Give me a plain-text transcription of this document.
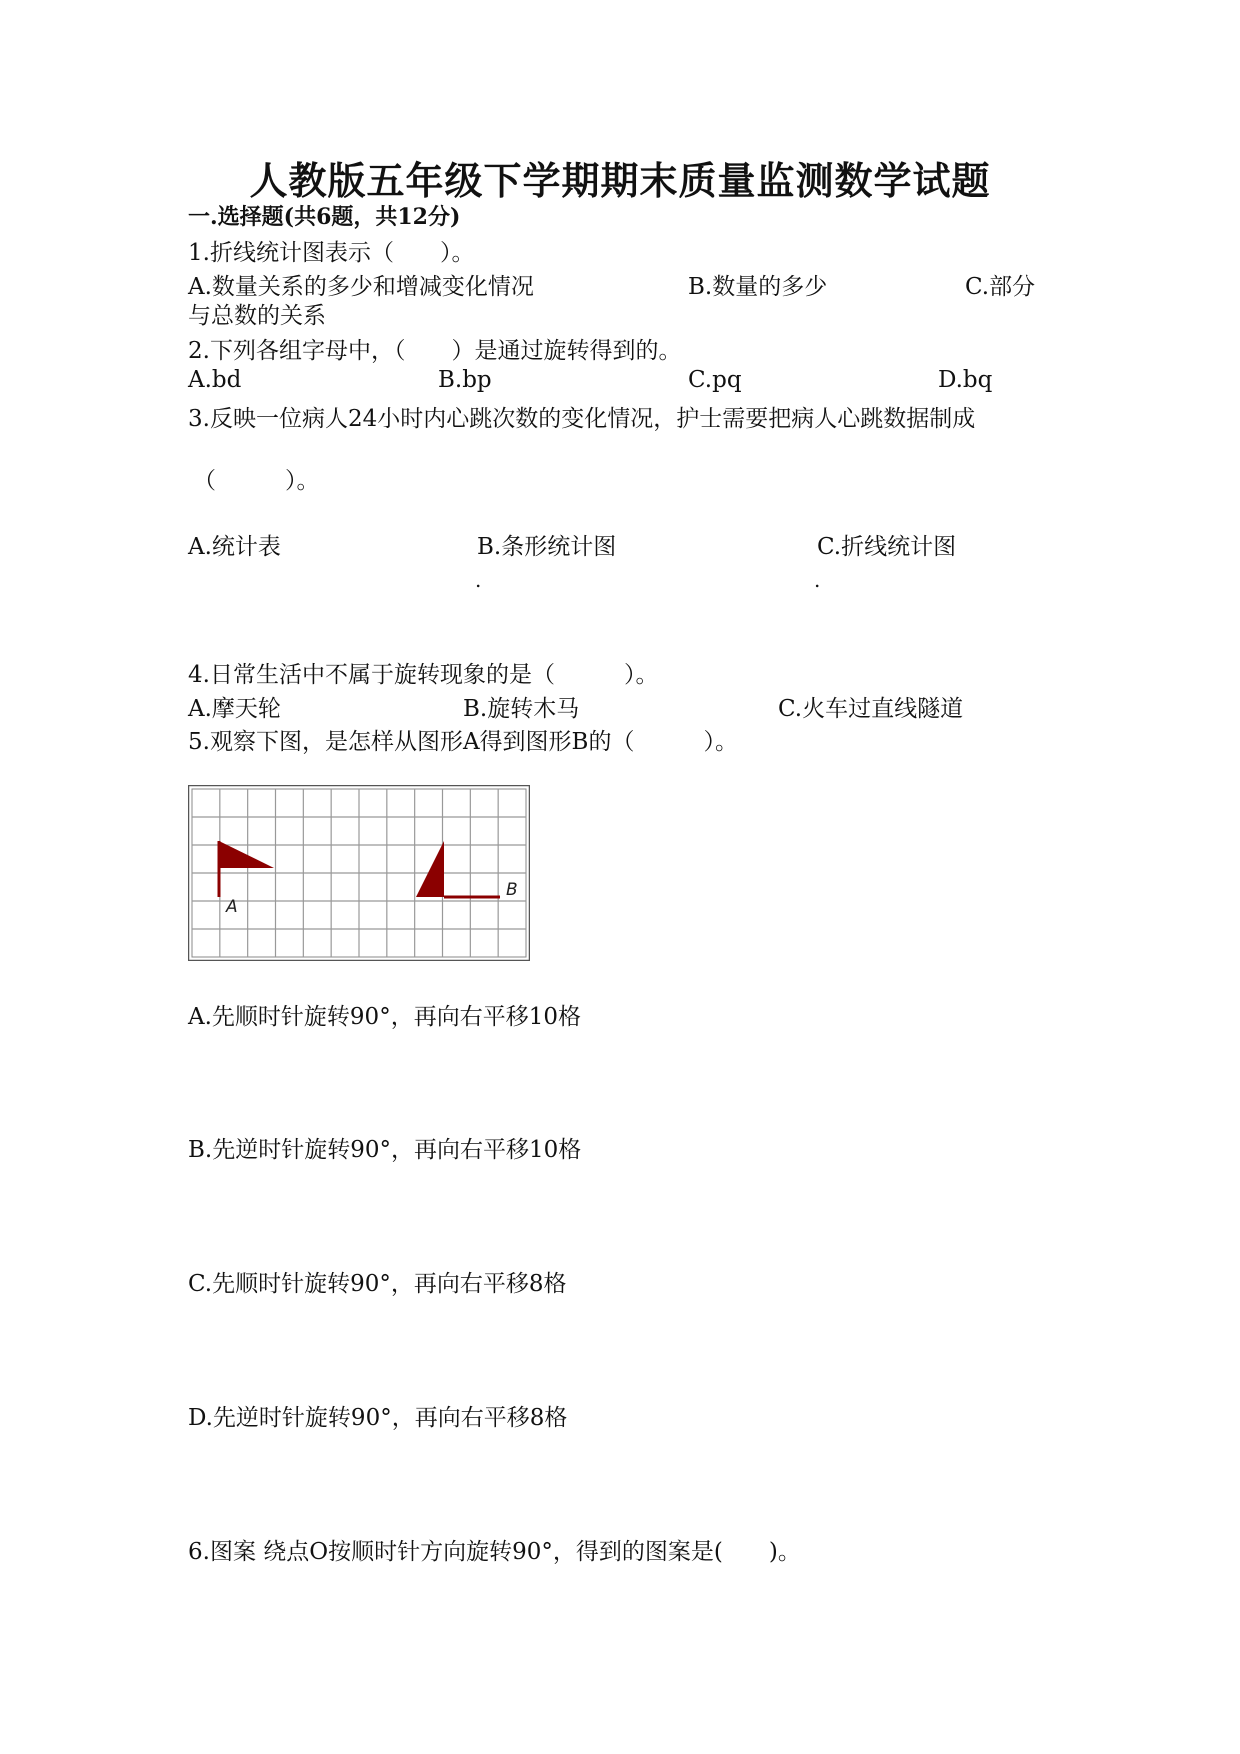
人教版五年级下学期期末质量监测数学试题
一.选择题(共6题，共12分)
1.折线统计图表示（　　）。
A.数量关系的多少和增减变化情况	B.数量的多少	C.部分
与总数的关系
2.下列各组字母中，（　　）是通过旋转得到的。
A.bd	B.bp	C.pq	D.bq
3.反映一位病人24小时内心跳次数的变化情况，护士需要把病人心跳数据制成
（　　　）。
A.统计表	B.条形统计图	C.折线统计图
.	.
4.日常生活中不属于旋转现象的是（　　　）。
A.摩天轮	B.旋转木马	C.火车过直线隧道
5.观察下图，是怎样从图形A得到图形B的（　　　）。
A
B
A.先顺时针旋转90°，再向右平移10格
B.先逆时针旋转90°，再向右平移10格
C.先顺时针旋转90°，再向右平移8格
D.先逆时针旋转90°，再向右平移8格
6.图案 绕点O按顺时针方向旋转90°，得到的图案是(　　)。
